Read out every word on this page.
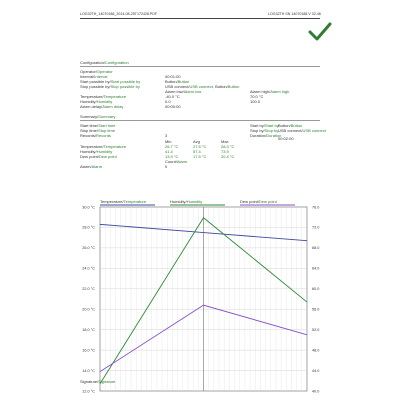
LOG32TH_14070188_2014-08-25T172428.PDF	LOG32TH SN 14070188 V 32.48
Configuration/Configuration
Operator/Operator
Interval/Interval	00:01:00
Start possible by/Start possible by	Button/Button
Stop possible by/Stop possible by	USB connect/USB connect, Button/Button
Alarm low/Alarm low	Alarm high/Alarm high
Temperature/Temperature	-40.0 °C	70.0 °C
Humidity/Humidity	0.0	100.0
Alarm delay/Alarm delay	00:00:00
Summary/Summary
Start time/Start time	Start by/Start by Button/Button
Stop time/Stop time	Stop by/Stop by USB connect/USB connect
Records/Records	3	Duration/Duration
00:02:00
Min	Avg	Max
Temperature/Temperature	26.7 °C	27.5 °C	28.3 °C
Humidity/Humidity	41.4	57.4	73.9
Dew point/Dew point	13.9 °C	17.5 °C	20.4 °C
Count/Alarm
Alarm/Alarm	0
Temperature/Temperature	Humidity/Humidity	Dew point/Dew point
30.0 °C	76.0
28.0 °C	72.0
26.0 °C	68.0
24.0 °C	64.0
22.0 °C	60.0
20.0 °C	56.0
18.0 °C	52.0
16.0 °C	48.0
14.0 °C	44.0
12.0 °C	40.0
Signature/Signature
